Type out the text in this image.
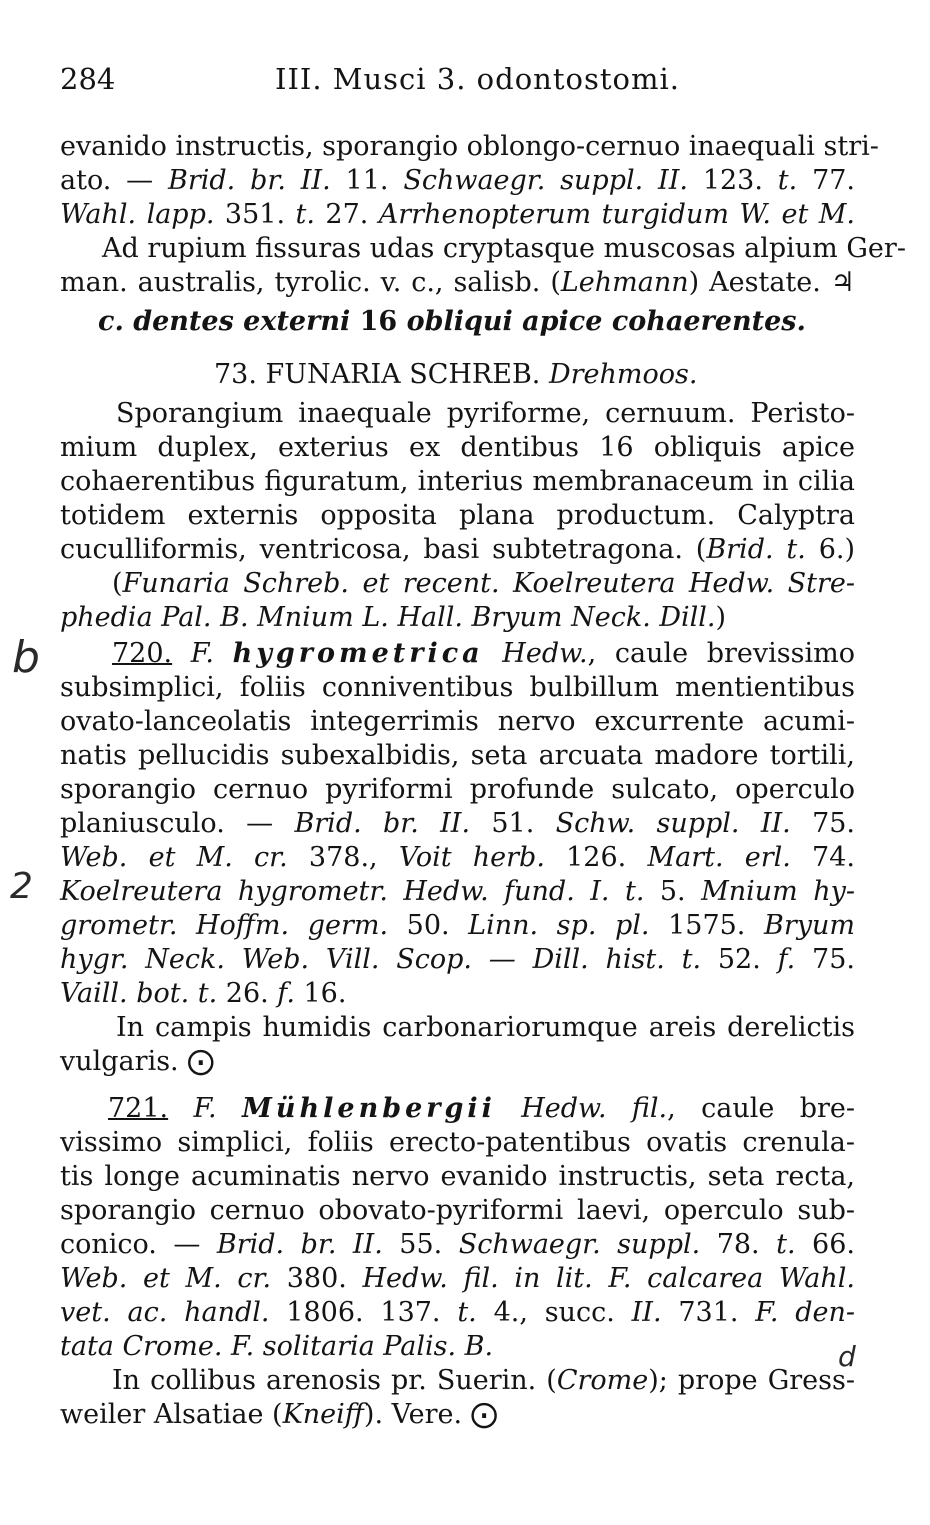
284	III. Musci 3. odontostomi.
evanido instructis, sporangio oblongo-cernuo inaequali stri-
ato. — Brid. br. II. 11. Schwaegr. suppl. II. 123. t. 77.
Wahl. lapp. 351. t. 27. Arrhenopterum turgidum W. et M.
Ad rupium fissuras udas cryptasque muscosas alpium Ger-
man. australis, tyrolic. v. c., salisb. (Lehmann) Aestate. ♃
c. dentes externi 16 obliqui apice cohaerentes.
73. FUNARIA SCHREB. Drehmoos.
Sporangium inaequale pyriforme, cernuum. Peristo-
mium duplex, exterius ex dentibus 16 obliquis apice
cohaerentibus figuratum, interius membranaceum in cilia
totidem externis opposita plana productum. Calyptra
cuculliformis, ventricosa, basi subtetragona. (Brid. t. 6.)
(Funaria Schreb. et recent. Koelreutera Hedw. Stre-
phedia Pal. B. Mnium L. Hall. Bryum Neck. Dill.)
b	720. F. hygrometrica Hedw., caule brevissimo
subsimplici, foliis conniventibus bulbillum mentientibus
ovato-lanceolatis integerrimis nervo excurrente acumi-
natis pellucidis subexalbidis, seta arcuata madore tortili,
sporangio cernuo pyriformi profunde sulcato, operculo
planiusculo. — Brid. br. II. 51. Schw. suppl. II. 75.
Web. et M. cr. 378., Voit herb. 126. Mart. erl. 74.
Koelreutera hygrometr. Hedw. fund. I. t. 5. Mnium hy-
2
grometr. Hoffm. germ. 50. Linn. sp. pl. 1575. Bryum
hygr. Neck. Web. Vill. Scop. — Dill. hist. t. 52. f. 75.
Vaill. bot. t. 26. f. 16.
In campis humidis carbonariorumque areis derelictis
vulgaris. ⨀
721. F. Mühlenbergii Hedw. fil., caule bre-
vissimo simplici, foliis erecto-patentibus ovatis crenula-
tis longe acuminatis nervo evanido instructis, seta recta,
sporangio cernuo obovato-pyriformi laevi, operculo sub-
conico. — Brid. br. II. 55. Schwaegr. suppl. 78. t. 66.
Web. et M. cr. 380. Hedw. fil. in lit. F. calcarea Wahl.
vet. ac. handl. 1806. 137. t. 4., succ. II. 731. F. den-
tata Crome. F. solitaria Palis. B.	d
In collibus arenosis pr. Suerin. (Crome); prope Gress-
weiler Alsatiae (Kneiff). Vere. ⨀
